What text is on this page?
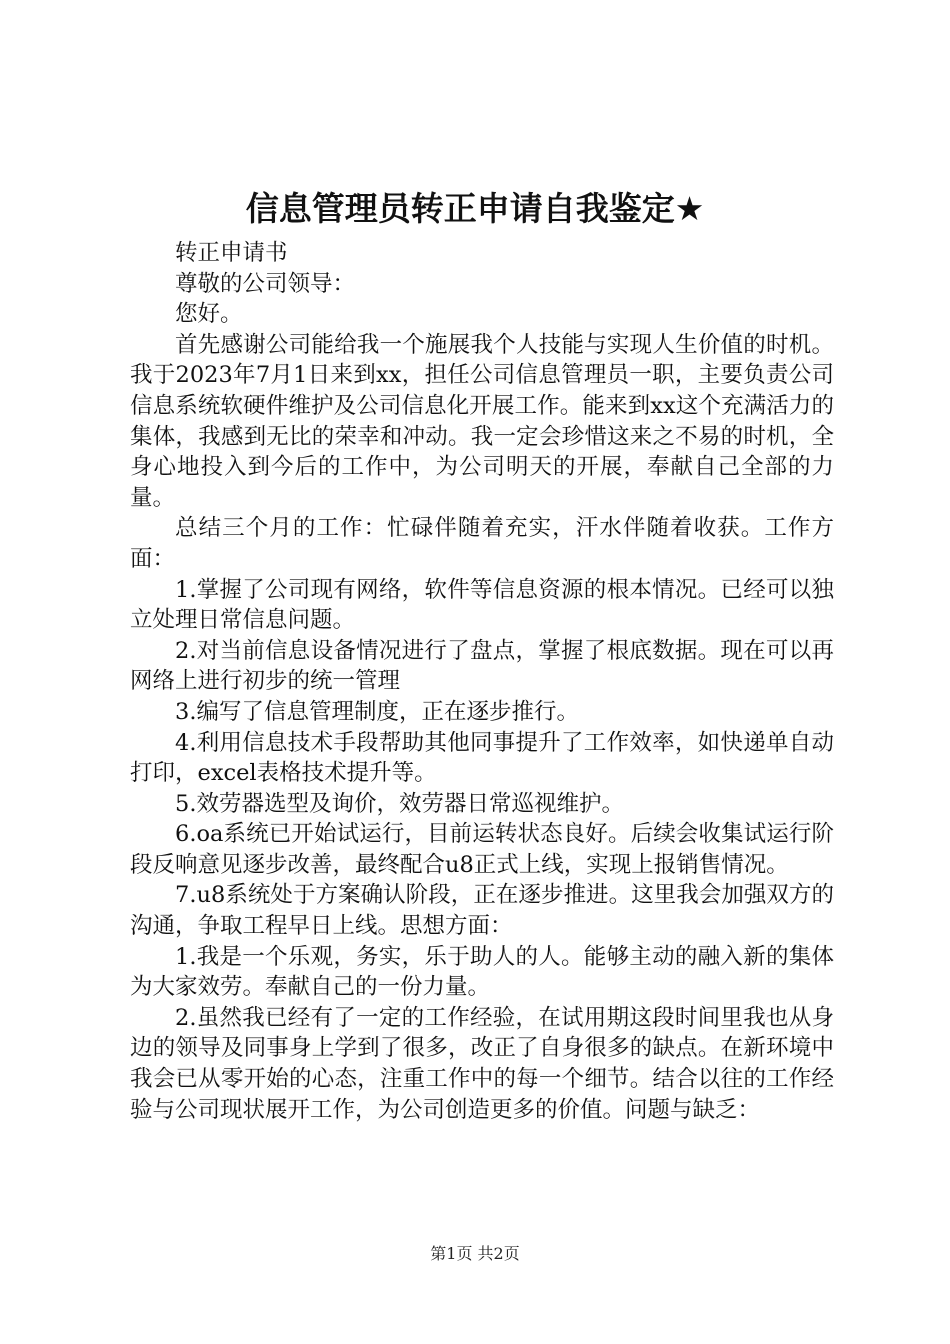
信息管理员转正申请自我鉴定★

转正申请书

尊敬的公司领导：

您好。

首先感谢公司能给我一个施展我个人技能与实现人生价值的时机。我于2023年7月1日来到xx，担任公司信息管理员一职，主要负责公司信息系统软硬件维护及公司信息化开展工作。能来到xx这个充满活力的集体，我感到无比的荣幸和冲动。我一定会珍惜这来之不易的时机，全身心地投入到今后的工作中，为公司明天的开展，奉献自己全部的力量。

总结三个月的工作：忙碌伴随着充实，汗水伴随着收获。工作方面：

1.掌握了公司现有网络，软件等信息资源的根本情况。已经可以独立处理日常信息问题。

2.对当前信息设备情况进行了盘点，掌握了根底数据。现在可以再网络上进行初步的统一管理

3.编写了信息管理制度，正在逐步推行。

4.利用信息技术手段帮助其他同事提升了工作效率，如快递单自动打印，excel表格技术提升等。

5.效劳器选型及询价，效劳器日常巡视维护。

6.oa系统已开始试运行，目前运转状态良好。后续会收集试运行阶段反响意见逐步改善，最终配合u8正式上线，实现上报销售情况。

7.u8系统处于方案确认阶段，正在逐步推进。这里我会加强双方的沟通，争取工程早日上线。思想方面：

1.我是一个乐观，务实，乐于助人的人。能够主动的融入新的集体为大家效劳。奉献自己的一份力量。

2.虽然我已经有了一定的工作经验，在试用期这段时间里我也从身边的领导及同事身上学到了很多，改正了自身很多的缺点。在新环境中我会已从零开始的心态，注重工作中的每一个细节。结合以往的工作经验与公司现状展开工作，为公司创造更多的价值。问题与缺乏：

第1页 共2页
